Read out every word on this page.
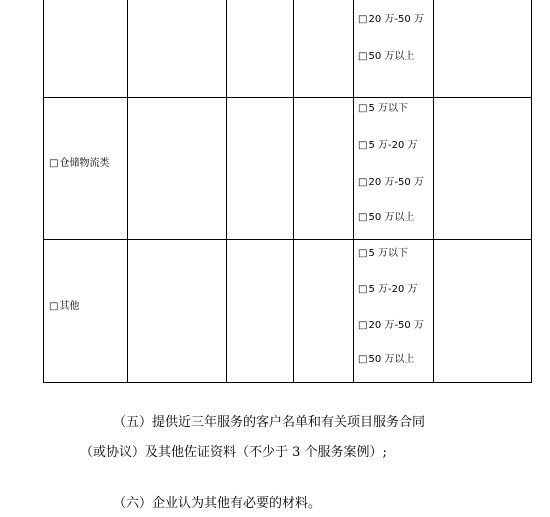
□20 万-50 万
□50 万以上
□仓储物流类
□5 万以下
□5 万-20 万
□20 万-50 万
□50 万以上
□其他
□5 万以下
□5 万-20 万
□20 万-50 万
□50 万以上
（五）提供近三年服务的客户名单和有关项目服务合同
（或协议）及其他佐证资料（不少于 3 个服务案例）;
（六）企业认为其他有必要的材料。
